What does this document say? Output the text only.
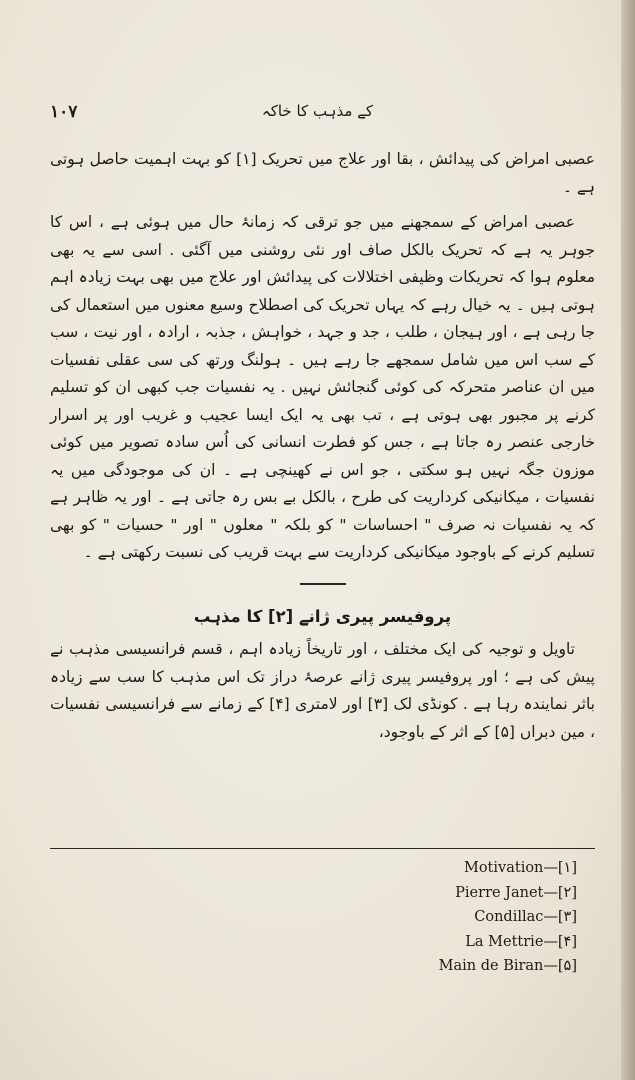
۱۰۷	کے مذہب کا خاکہ

عصبی امراض کی پیدائش ، بقا اور علاج میں تحریک [۱] کو بہت اہمیت حاصل ہوتی ہے ۔

عصبی امراض کے سمجھنے میں جو ترقی کہ زمانۂ حال میں ہوئی ہے ، اس کا جوہر یہ ہے کہ تحریک بالکل صاف اور نئی روشنی میں آگئی . اسی سے یہ بھی معلوم ہوا کہ تحریکات وظیفی اختلالات کی پیدائش اور علاج میں بھی بہت زیادہ اہم ہوتی ہیں ۔ یہ خیال رہے کہ یہاں تحریک کی اصطلاح وسیع معنوں میں استعمال کی جا رہی ہے ، اور ہیجان ، طلب ، جد و جہد ، خواہش ، جذبہ ، ارادہ ، اور نیت ، سب کے سب اس میں شامل سمجھے جا رہے ہیں ۔ ہولنگ ورتھ کی سی عقلی نفسیات میں ان عناصر متحرکہ کی کوئی گنجائش نہیں . یہ نفسیات جب کبھی ان کو تسلیم کرنے پر مجبور بھی ہوتی ہے ، تب بھی یہ ایک ایسا عجیب و غریب اور پر اسرار خارجی عنصر رہ جاتا ہے ، جس کو فطرت انسانی کی اُس سادہ تصویر میں کوئی موزون جگہ نہیں ہو سکتی ، جو اس نے کھینچی ہے ۔ ان کی موجودگی میں یہ نفسیات ، میکانیکی کرداریت کی طرح ، بالکل بے بس رہ جاتی ہے ۔ اور یہ ظاہر ہے کہ یہ نفسیات نہ صرف " احساسات " کو بلکہ " معلوں " اور " حسیات " کو بھی تسلیم کرنے کے باوجود میکانیکی کرداریت سے بہت قریب کی نسبت رکھتی ہے ۔

پروفیسر پیری ژانے [۲] کا مذہب

تاویل و توجیہ کی ایک مختلف ، اور تاریخاً زیادہ اہم ، قسم فرانسیسی مذہب نے پیش کی ہے ؛ اور پروفیسر پیری ژانے عرصۂ دراز تک اس مذہب کا سب سے زیادہ باثر نمایندہ رہا ہے . کونڈی لک [۳] اور لامتری [۴] کے زمانے سے فرانسیسی نفسیات ، مین دبراں [۵] کے اثر کے باوجود،

Motivation—[۱]
Pierre Janet—[۲]
Condillac—[۳]
La Mettrie—[۴]
Main de Biran—[۵]
